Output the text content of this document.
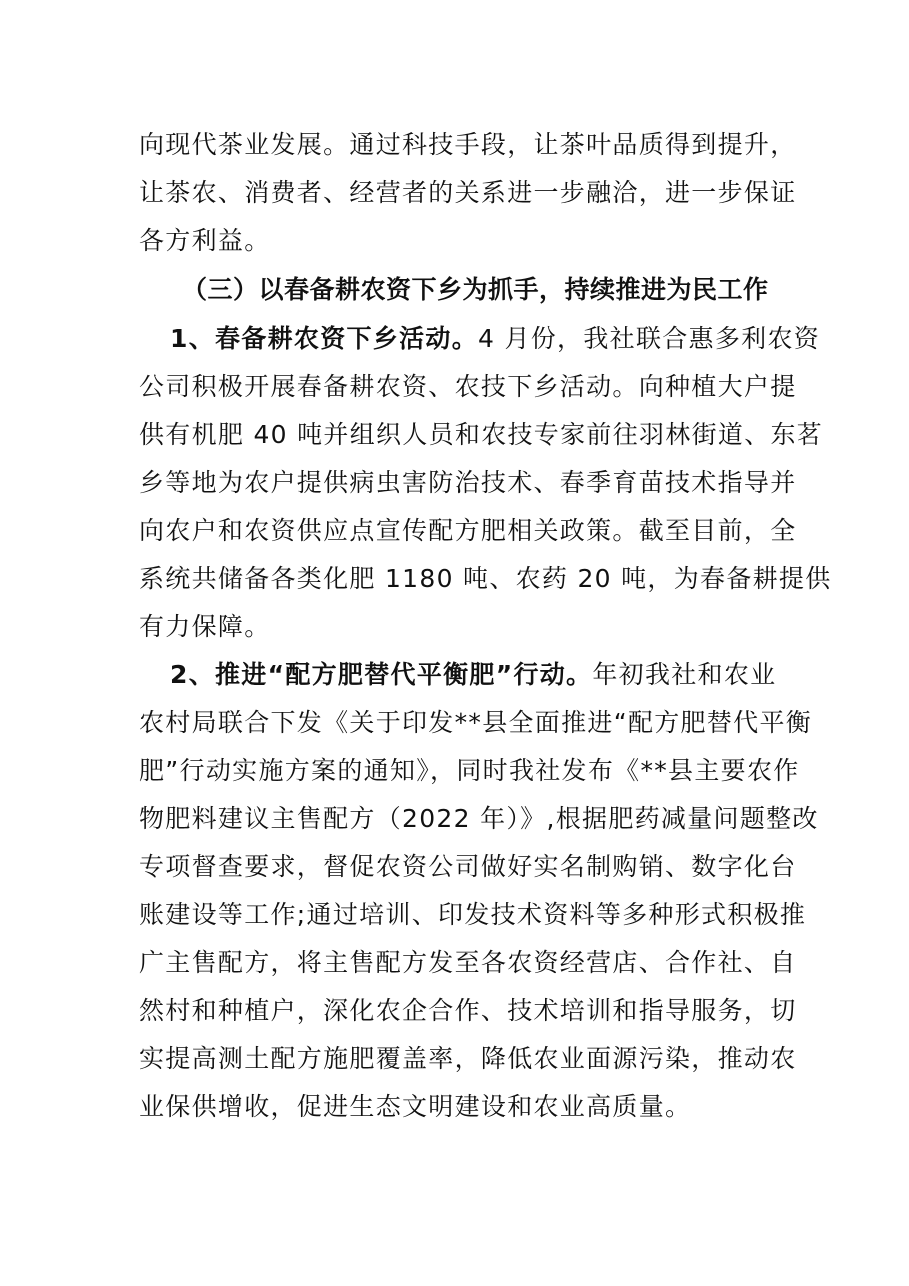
向现代茶业发展。通过科技手段，让茶叶品质得到提升，
让茶农、消费者、经营者的关系进一步融洽，进一步保证
各方利益。
（三）以春备耕农资下乡为抓手，持续推进为民工作
1、春备耕农资下乡活动。4 月份，我社联合惠多利农资
公司积极开展春备耕农资、农技下乡活动。向种植大户提
供有机肥 40 吨并组织人员和农技专家前往羽林街道、东茗
乡等地为农户提供病虫害防治技术、春季育苗技术指导并
向农户和农资供应点宣传配方肥相关政策。截至目前，全
系统共储备各类化肥 1180 吨、农药 20 吨，为春备耕提供
有力保障。
2、推进“配方肥替代平衡肥”行动。年初我社和农业
农村局联合下发《关于印发**县全面推进“配方肥替代平衡
肥”行动实施方案的通知》，同时我社发布《**县主要农作
物肥料建议主售配方（2022 年）》,根据肥药减量问题整改
专项督查要求，督促农资公司做好实名制购销、数字化台
账建设等工作;通过培训、印发技术资料等多种形式积极推
广主售配方，将主售配方发至各农资经营店、合作社、自
然村和种植户，深化农企合作、技术培训和指导服务，切
实提高测土配方施肥覆盖率，降低农业面源污染，推动农
业保供增收，促进生态文明建设和农业高质量。
